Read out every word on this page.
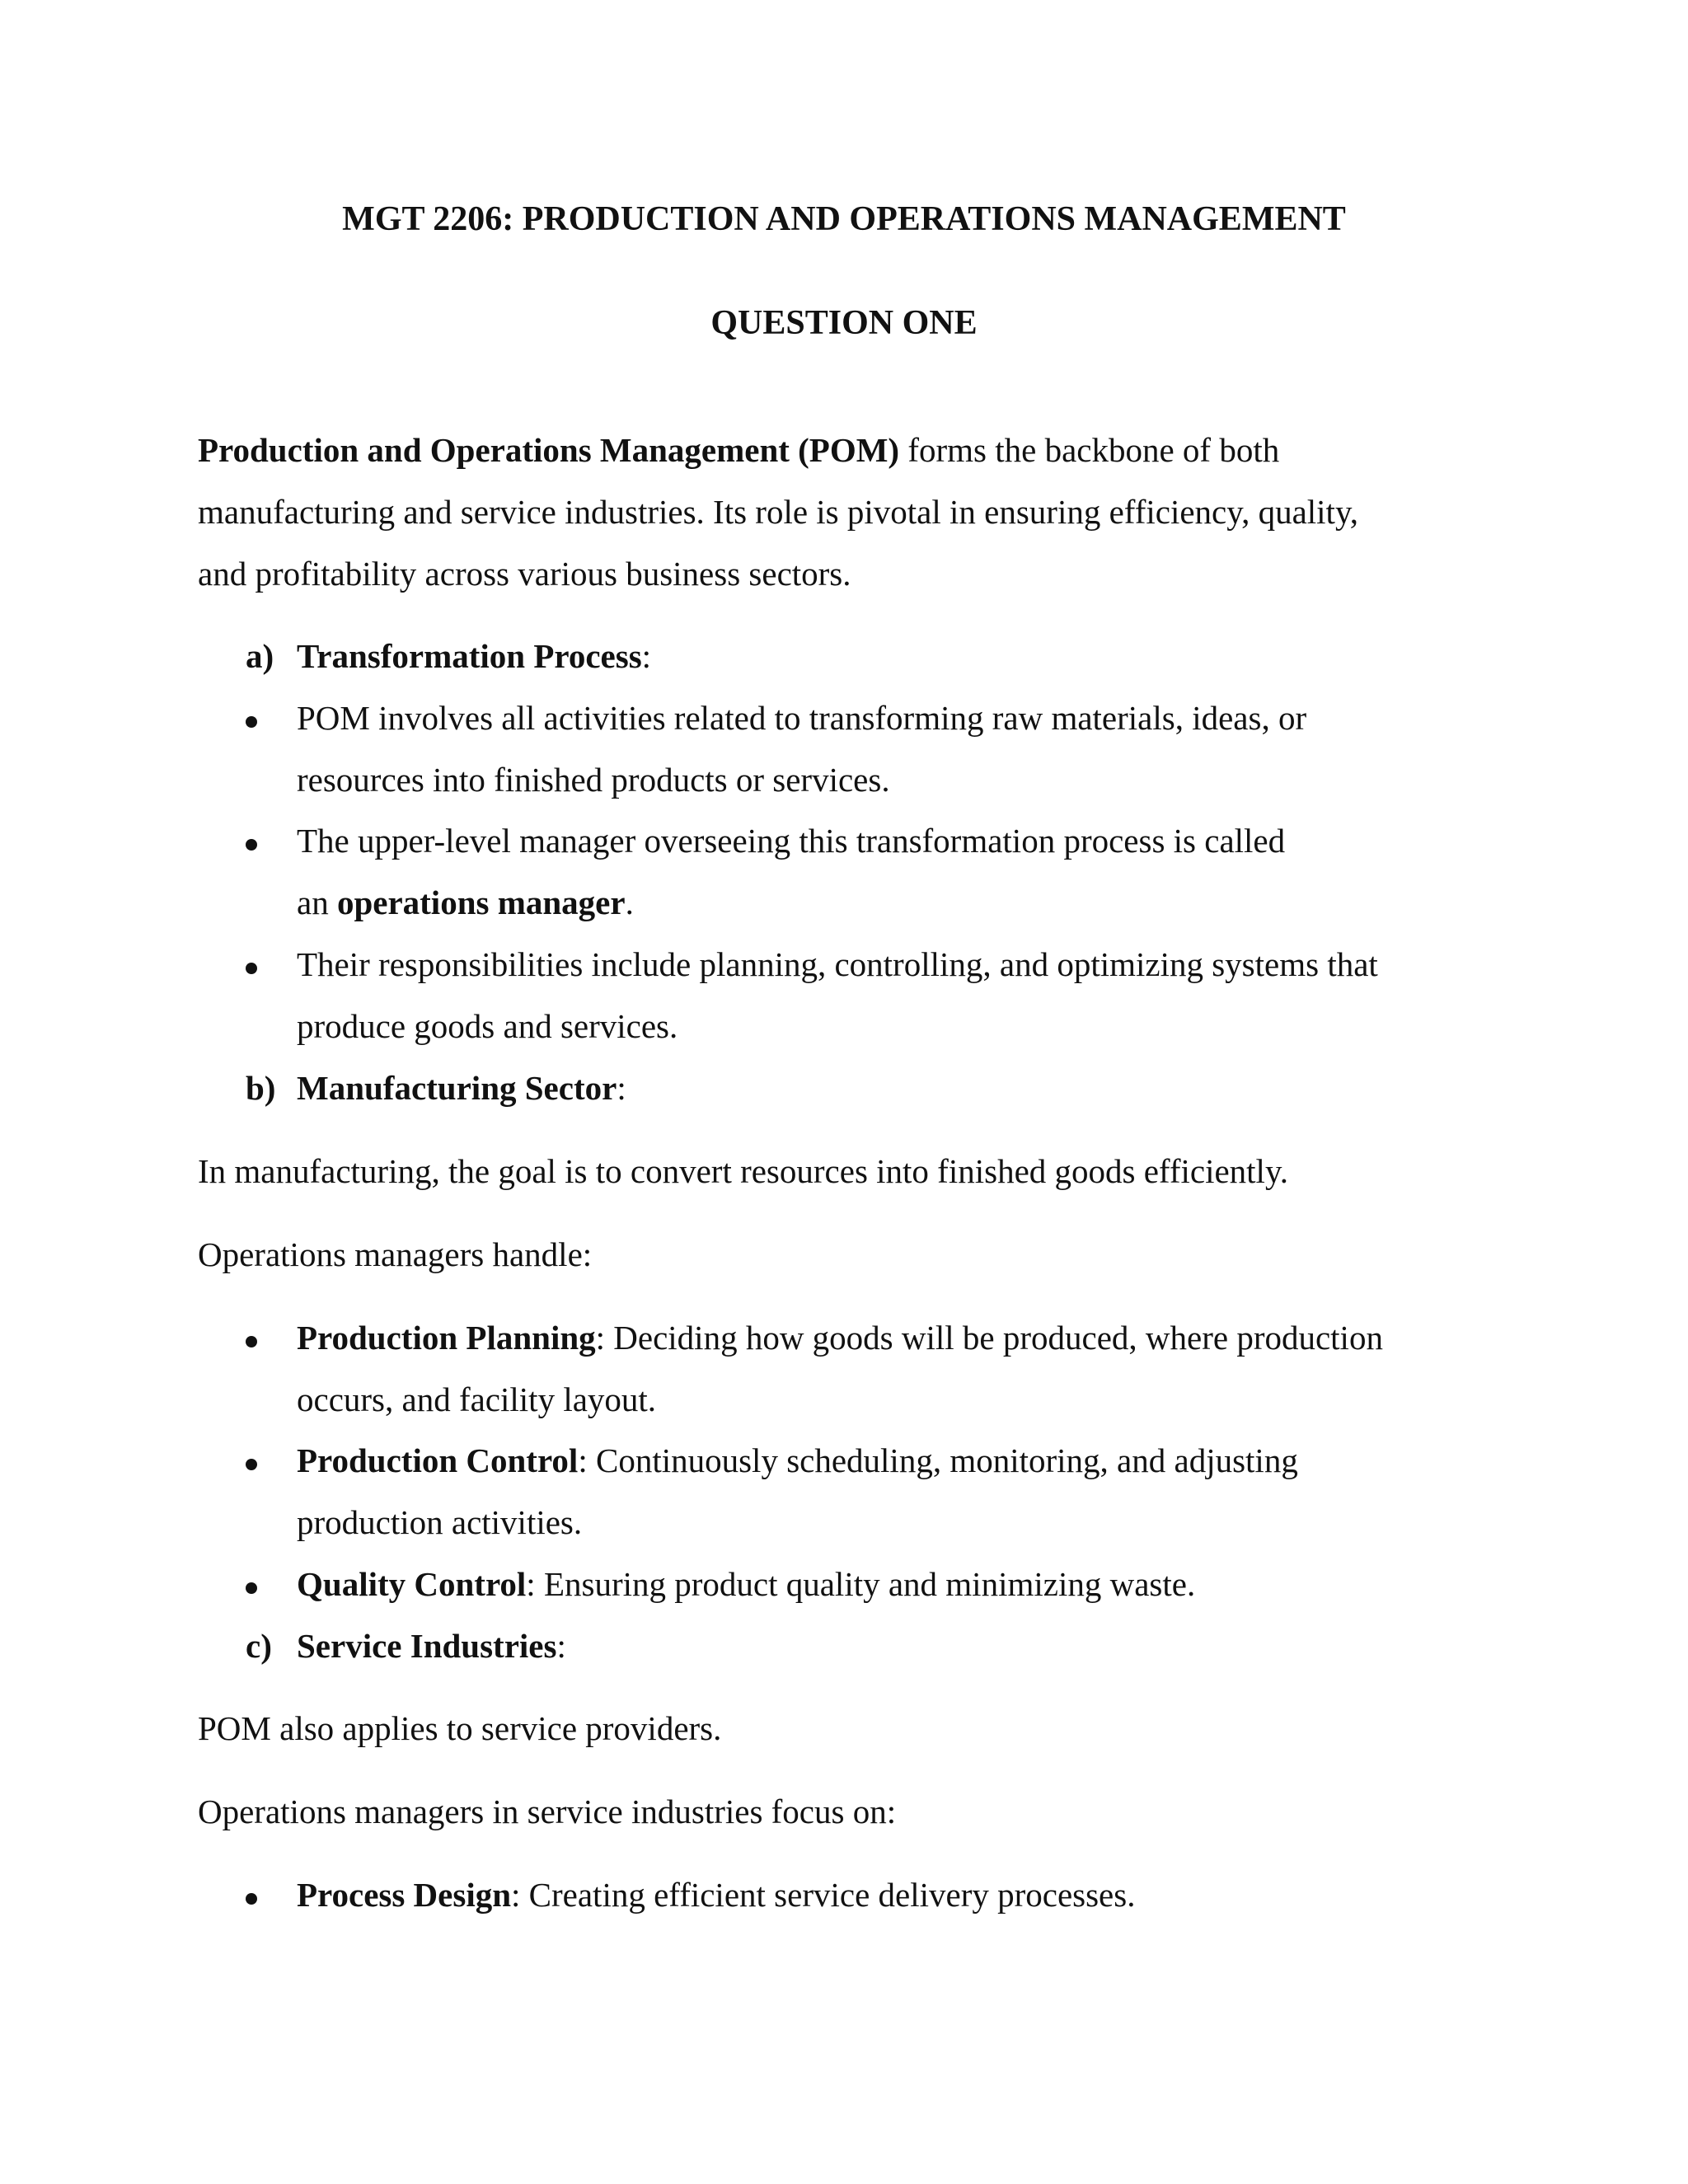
MGT 2206: PRODUCTION AND OPERATIONS MANAGEMENT
QUESTION ONE

Production and Operations Management (POM) forms the backbone of both

manufacturing and service industries. Its role is pivotal in ensuring efficiency, quality,

and profitability across various business sectors.

a) Transformation Process:

POM involves all activities related to transforming raw materials, ideas, or

resources into finished products or services.

The upper-level manager overseeing this transformation process is called

an operations manager.

Their responsibilities include planning, controlling, and optimizing systems that

produce goods and services.

b) Manufacturing Sector:

In manufacturing, the goal is to convert resources into finished goods efficiently.

Operations managers handle:

Production Planning: Deciding how goods will be produced, where production

occurs, and facility layout.

Production Control: Continuously scheduling, monitoring, and adjusting

production activities.

Quality Control: Ensuring product quality and minimizing waste.

c) Service Industries:

POM also applies to service providers.

Operations managers in service industries focus on:

Process Design: Creating efficient service delivery processes.
